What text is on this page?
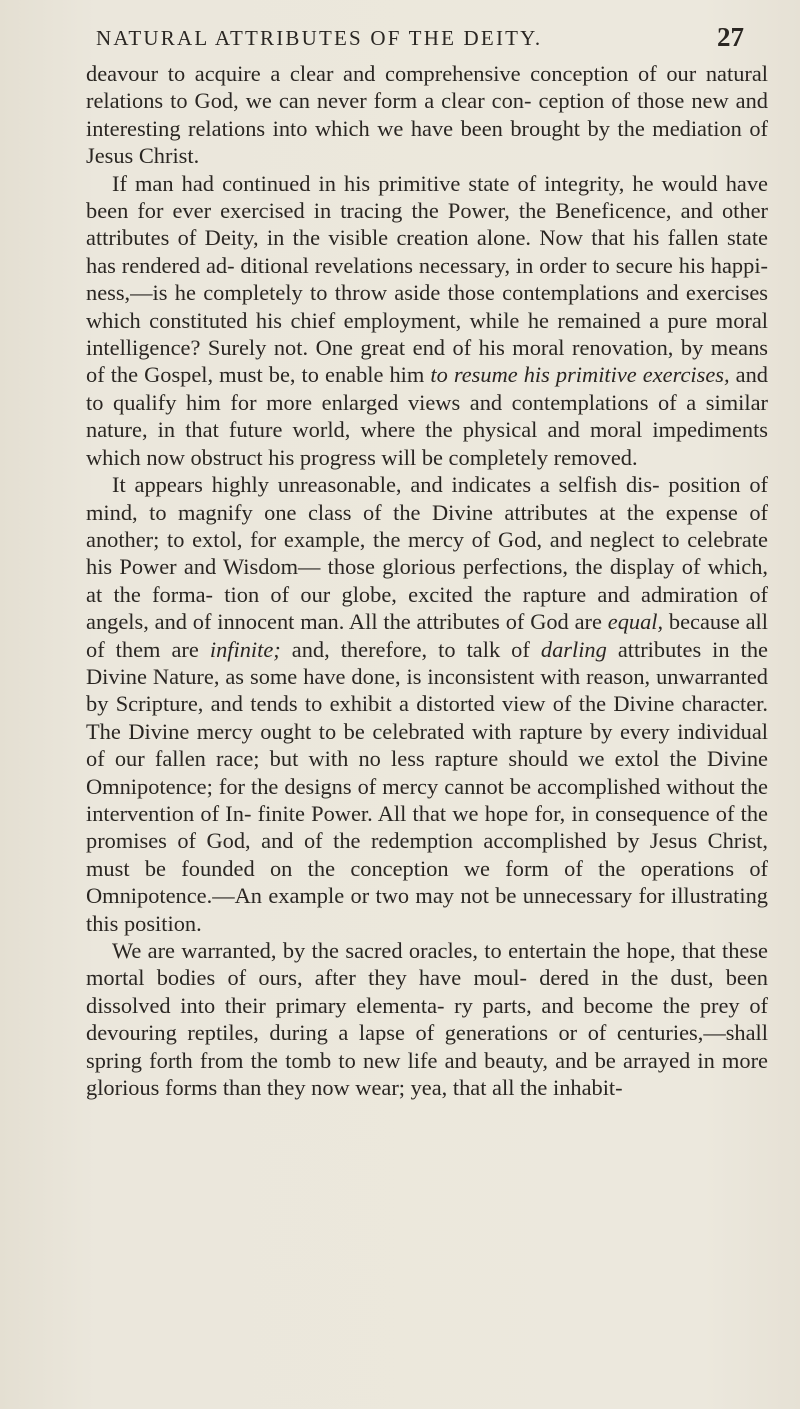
NATURAL ATTRIBUTES OF THE DEITY.	27

deavour to acquire a clear and comprehensive conception of our natural relations to God, we can never form a clear con- ception of those new and interesting relations into which we have been brought by the mediation of Jesus Christ.

If man had continued in his primitive state of integrity, he would have been for ever exercised in tracing the Power, the Beneficence, and other attributes of Deity, in the visible creation alone. Now that his fallen state has rendered ad- ditional revelations necessary, in order to secure his happi- ness,—is he completely to throw aside those contemplations and exercises which constituted his chief employment, while he remained a pure moral intelligence? Surely not. One great end of his moral renovation, by means of the Gospel, must be, to enable him to resume his primitive exercises, and to qualify him for more enlarged views and contemplations of a similar nature, in that future world, where the physical and moral impediments which now obstruct his progress will be completely removed.

It appears highly unreasonable, and indicates a selfish dis- position of mind, to magnify one class of the Divine attributes at the expense of another; to extol, for example, the mercy of God, and neglect to celebrate his Power and Wisdom— those glorious perfections, the display of which, at the forma- tion of our globe, excited the rapture and admiration of angels, and of innocent man. All the attributes of God are equal, because all of them are infinite; and, therefore, to talk of darling attributes in the Divine Nature, as some have done, is inconsistent with reason, unwarranted by Scripture, and tends to exhibit a distorted view of the Divine character. The Divine mercy ought to be celebrated with rapture by every individual of our fallen race; but with no less rapture should we extol the Divine Omnipotence; for the designs of mercy cannot be accomplished without the intervention of In- finite Power. All that we hope for, in consequence of the promises of God, and of the redemption accomplished by Jesus Christ, must be founded on the conception we form of the operations of Omnipotence.—An example or two may not be unnecessary for illustrating this position.

We are warranted, by the sacred oracles, to entertain the hope, that these mortal bodies of ours, after they have moul- dered in the dust, been dissolved into their primary elementa- ry parts, and become the prey of devouring reptiles, during a lapse of generations or of centuries,—shall spring forth from the tomb to new life and beauty, and be arrayed in more glorious forms than they now wear; yea, that all the inhabit-
